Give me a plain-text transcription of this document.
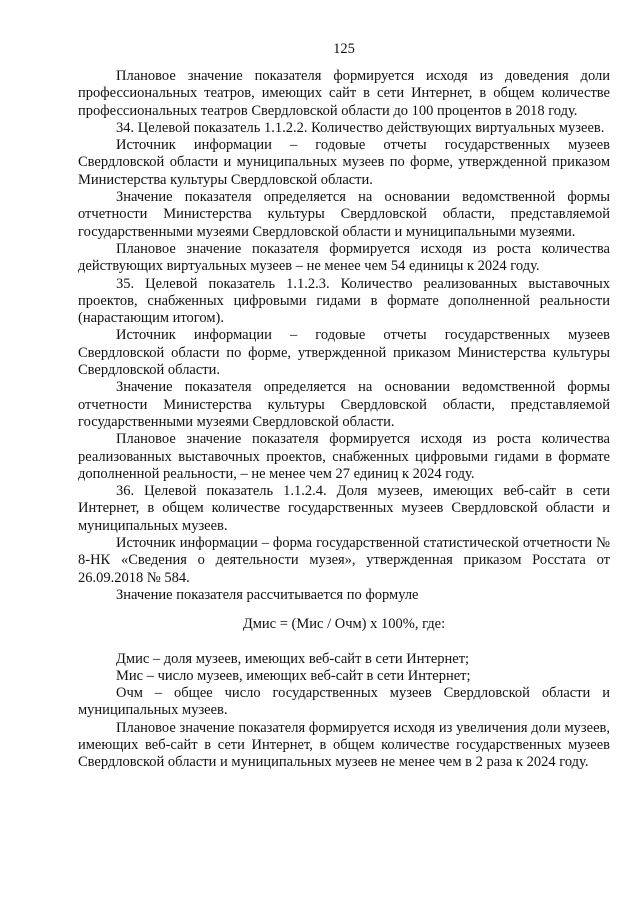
125

Плановое значение показателя формируется исходя из доведения доли профессиональных театров, имеющих сайт в сети Интернет, в общем количестве профессиональных театров Свердловской области до 100 процентов в 2018 году.

34. Целевой показатель 1.1.2.2. Количество действующих виртуальных музеев.

Источник информации – годовые отчеты государственных музеев Свердловской области и муниципальных музеев по форме, утвержденной приказом Министерства культуры Свердловской области.

Значение показателя определяется на основании ведомственной формы отчетности Министерства культуры Свердловской области, представляемой государственными музеями Свердловской области и муниципальными музеями.

Плановое значение показателя формируется исходя из роста количества действующих виртуальных музеев – не менее чем 54 единицы к 2024 году.

35. Целевой показатель 1.1.2.3. Количество реализованных выставочных проектов, снабженных цифровыми гидами в формате дополненной реальности (нарастающим итогом).

Источник информации – годовые отчеты государственных музеев Свердловской области по форме, утвержденной приказом Министерства культуры Свердловской области.

Значение показателя определяется на основании ведомственной формы отчетности Министерства культуры Свердловской области, представляемой государственными музеями Свердловской области.

Плановое значение показателя формируется исходя из роста количества реализованных выставочных проектов, снабженных цифровыми гидами в формате дополненной реальности, – не менее чем 27 единиц к 2024 году.

36. Целевой показатель 1.1.2.4. Доля музеев, имеющих веб-сайт в сети Интернет, в общем количестве государственных музеев Свердловской области и муниципальных музеев.

Источник информации – форма государственной статистической отчетности № 8-НК «Сведения о деятельности музея», утвержденная приказом Росстата от 26.09.2018 № 584.

Значение показателя рассчитывается по формуле

Дмис = (Мис / Очм) x 100%, где:

Дмис – доля музеев, имеющих веб-сайт в сети Интернет;

Мис – число музеев, имеющих веб-сайт в сети Интернет;

Очм – общее число государственных музеев Свердловской области и муниципальных музеев.

Плановое значение показателя формируется исходя из увеличения доли музеев, имеющих веб-сайт в сети Интернет, в общем количестве государственных музеев Свердловской области и муниципальных музеев не менее чем в 2 раза к 2024 году.
